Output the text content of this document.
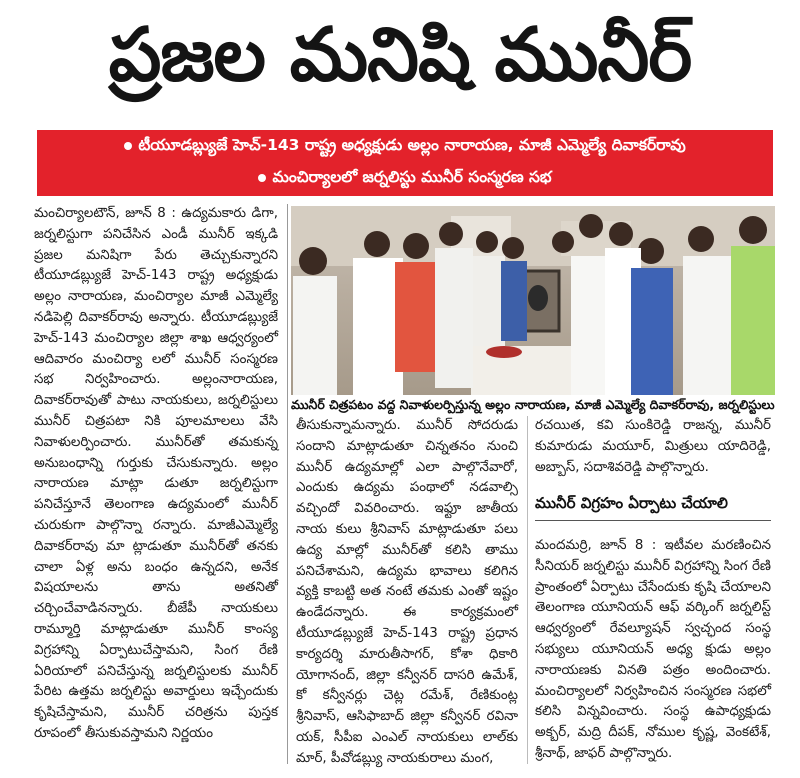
ప్రజల మనిషి మునీర్
టీయూడబ్ల్యుజే హెచ్-143 రాష్ట్ర అధ్యక్షుడు అల్లం నారాయణ, మాజీ ఎమ్మెల్యే దివాకర్‌రావు
మంచిర్యాలలో జర్నలిస్టు మునీర్ సంస్మరణ సభ

మంచిర్యాలటౌన్, జూన్ 8 : ఉద్యమకారు డిగా, జర్నలిస్టుగా పనిచేసిన ఎండీ మునీర్ ఇక్కడి ప్రజల మనిషిగా పేరు తెచ్చుకున్నారని టీయూడబ్ల్యుజే హెచ్-143 రాష్ట్ర అధ్యక్షుడు అల్లం నారాయణ, మంచిర్యాల మాజీ ఎమ్మెల్యే నడిపెల్లి దివాకర్‌రావు అన్నారు. టీయూడబ్ల్యుజే హెచ్-143 మంచిర్యాల జిల్లా శాఖ ఆధ్వర్యంలో ఆదివారం మంచిర్యా లలో మునీర్ సంస్మరణ సభ నిర్వహించారు. అల్లంనారాయణ, దివాకర్‌రావుతో పాటు నాయకులు, జర్నలిస్టులు మునీర్ చిత్రపటా నికి పూలమాలలు వేసి నివాళులర్పించారు. మునీర్‌తో తమకున్న అనుబంధాన్ని గుర్తుకు చేసుకున్నారు. అల్లం నారాయణ మాట్లా డుతూ జర్నలిస్టుగా పనిచేస్తూనే తెలంగాణ ఉద్యమంలో మునీర్ చురుకుగా పాల్గొన్నా రన్నారు. మాజీఎమ్మెల్యే దివాకర్‌రావు మా ట్లాడుతూ మునీర్‌తో తనకు చాలా ఏళ్ల అను బంధం ఉన్నదని, అనేక విషయాలను తాను అతనితో చర్చించేవాడినన్నారు. బీజేపీ నాయకులు రామ్మూర్తి మాట్లాడుతూ మునీర్ కాంస్య విగ్రహాన్ని ఏర్పాటుచేస్తామని, సింగ రేణి ఏరియాలో పనిచేస్తున్న జర్నలిస్టులకు మునీర్ పేరిట ఉత్తమ జర్నలిస్టు అవార్డులు ఇచ్చేందుకు కృషిచేస్తామని, మునీర్ చరిత్రను పుస్తక రూపంలో తీసుకువస్తామని నిర్ణయం

మునీర్ చిత్రపటం వద్ద నివాళులర్పిస్తున్న అల్లం నారాయణ, మాజీ ఎమ్మెల్యే దివాకర్‌రావు, జర్నలిస్టులు

తీసుకున్నామన్నారు. మునీర్ సోదరుడు సందాని మాట్లాడుతూ చిన్నతనం నుంచి మునీర్ ఉద్యమాల్లో ఎలా పాల్గొనేవారో, ఎందుకు ఉద్యమ పంథాలో నడవాల్సి వచ్చిందో వివరించారు. ఇఫ్టూ జాతీయ నాయ కులు శ్రీనివాస్ మాట్లాడుతూ పలు ఉద్య మాల్లో మునీర్‌తో కలిసి తాము పనిచేశామని, ఉద్యమ భావాలు కలిగిన వ్యక్తి కాబట్టి అత నంటే తమకు ఎంతో ఇష్టం ఉండేదన్నారు. ఈ కార్యక్రమంలో టీయూడబ్ల్యుజే హెచ్-143 రాష్ట్ర ప్రధాన కార్యదర్శి మారుతీసాగర్, కోశా ధికారి యోగానంద్, జిల్లా కన్వీనర్ దాసరి ఉమేశ్, కో కన్వీనర్లు చెట్ల రమేశ్, రేణికుంట్ల శ్రీనివాస్, ఆసిఫాబాద్ జిల్లా కన్వీనర్ రవినా యక్, సీపీఐ ఎంఎల్ నాయకులు లాల్‌కు మార్, పీవోడబ్ల్యు నాయకురాలు మంగ,

రచయిత, కవి సుంకిరెడ్డి రాజన్న, మునీర్ కుమారుడు మయూర్, మిత్రులు యాదిరెడ్డి, అబ్బాస్, సదాశివరెడ్డి పాల్గొన్నారు.

మునీర్ విగ్రహం ఏర్పాటు చేయాలి

మందమర్రి, జూన్ 8 : ఇటీవల మరణించిన సీనియర్ జర్నలిస్టు మునీర్ విగ్రహాన్ని సింగ రేణి ప్రాంతంలో ఏర్పాటు చేసేందుకు కృషి చేయాలని తెలంగాణ యూనియన్ ఆఫ్ వర్కింగ్ జర్నలిస్ట్ ఆధ్వర్యంలో రేవల్యూషన్ స్వచ్ఛంద సంస్థ సభ్యులు యూనియన్ అధ్య క్షుడు అల్లం నారాయణకు వినతి పత్రం అందించారు. మంచిర్యాలలో నిర్వహించిన సంస్మరణ సభలో కలిసి విన్నవించారు. సంస్థ ఉపాధ్యక్షుడు అక్బర్, మద్రి దీపక్, నోముల కృష్ణ, వెంకటేశ్, శ్రీనాథ్, జాఫర్ పాల్గొన్నారు.
